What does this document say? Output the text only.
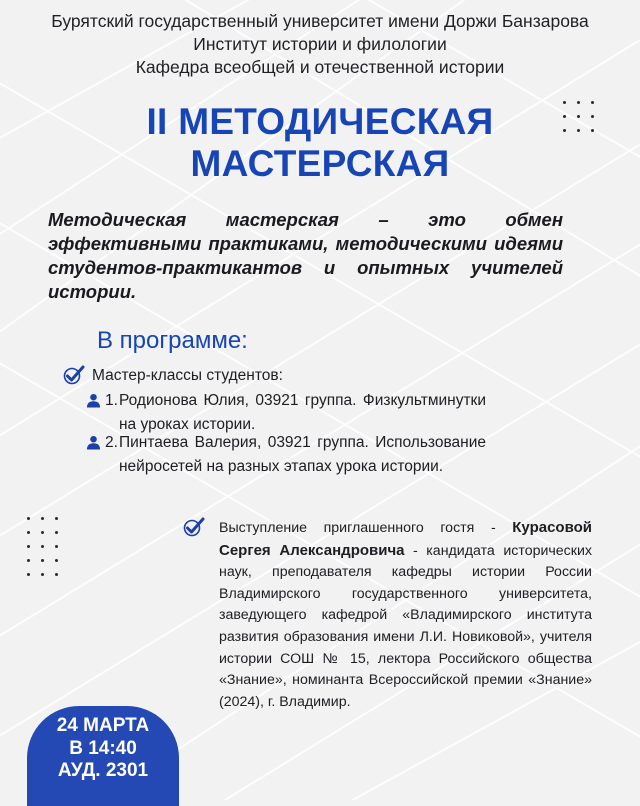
Бурятский государственный университет имени Доржи Банзарова
Институт истории и филологии
Кафедра всеобщей и отечественной истории
II МЕТОДИЧЕСКАЯ
МАСТЕРСКАЯ
Методическая мастерская – это обмен эффективными практиками, методическими идеями студентов-практикантов и опытных учителей истории.
В программе:
Мастер-классы студентов:
1. Родионова Юлия, 03921 группа. Физкультминутки на уроках истории.
2. Пинтаева Валерия, 03921 группа. Использование нейросетей на разных этапах урока истории.
Выступление приглашенного гостя - Курасовой Сергея Александровича - кандидата исторических наук, преподавателя кафедры истории России Владимирского государственного университета, заведующего кафедрой «Владимирского института развития образования имени Л.И. Новиковой», учителя истории СОШ № 15, лектора Российского общества «Знание», номинанта Всероссийской премии «Знание» (2024), г. Владимир.
24 МАРТА
В 14:40
АУД. 2301
